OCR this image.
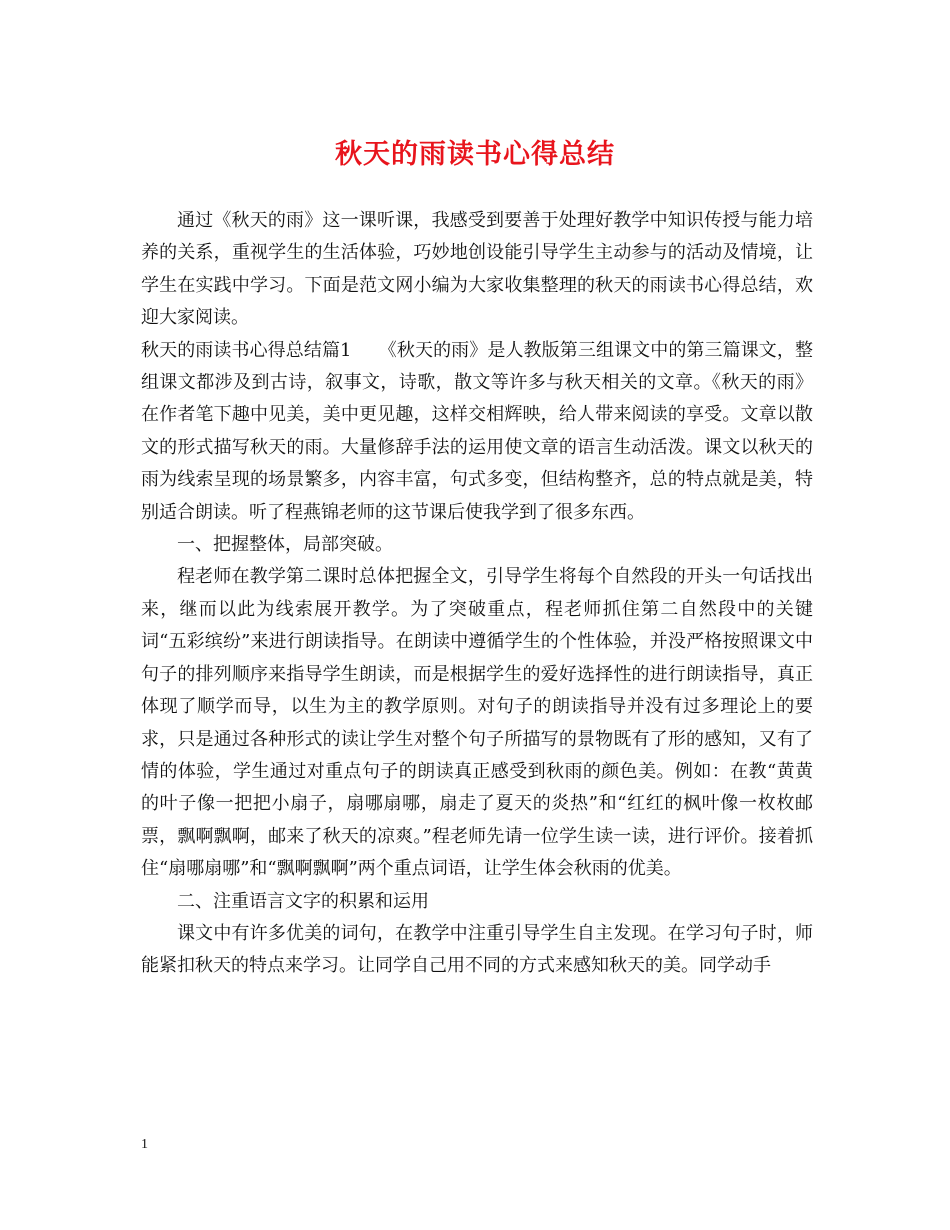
秋天的雨读书心得总结

通过《秋天的雨》这一课听课，我感受到要善于处理好教学中知识传授与能力培养的关系，重视学生的生活体验，巧妙地创设能引导学生主动参与的活动及情境，让学生在实践中学习。下面是范文网小编为大家收集整理的秋天的雨读书心得总结，欢迎大家阅读。

秋天的雨读书心得总结篇1　　《秋天的雨》是人教版第三组课文中的第三篇课文，整组课文都涉及到古诗，叙事文，诗歌，散文等许多与秋天相关的文章。《秋天的雨》在作者笔下趣中见美，美中更见趣，这样交相辉映，给人带来阅读的享受。文章以散文的形式描写秋天的雨。大量修辞手法的运用使文章的语言生动活泼。课文以秋天的雨为线索呈现的场景繁多，内容丰富，句式多变，但结构整齐，总的特点就是美，特别适合朗读。听了程燕锦老师的这节课后使我学到了很多东西。

一、把握整体，局部突破。

程老师在教学第二课时总体把握全文，引导学生将每个自然段的开头一句话找出来，继而以此为线索展开教学。为了突破重点，程老师抓住第二自然段中的关键词“五彩缤纷”来进行朗读指导。在朗读中遵循学生的个性体验，并没严格按照课文中句子的排列顺序来指导学生朗读，而是根据学生的爱好选择性的进行朗读指导，真正体现了顺学而导，以生为主的教学原则。对句子的朗读指导并没有过多理论上的要求，只是通过各种形式的读让学生对整个句子所描写的景物既有了形的感知，又有了情的体验，学生通过对重点句子的朗读真正感受到秋雨的颜色美。例如：在教“黄黄的叶子像一把把小扇子，扇哪扇哪，扇走了夏天的炎热”和“红红的枫叶像一枚枚邮票，飘啊飘啊，邮来了秋天的凉爽。”程老师先请一位学生读一读，进行评价。接着抓住“扇哪扇哪”和“飘啊飘啊”两个重点词语，让学生体会秋雨的优美。

二、注重语言文字的积累和运用

课文中有许多优美的词句，在教学中注重引导学生自主发现。在学习句子时，师能紧扣秋天的特点来学习。让同学自己用不同的方式来感知秋天的美。同学动手

1
